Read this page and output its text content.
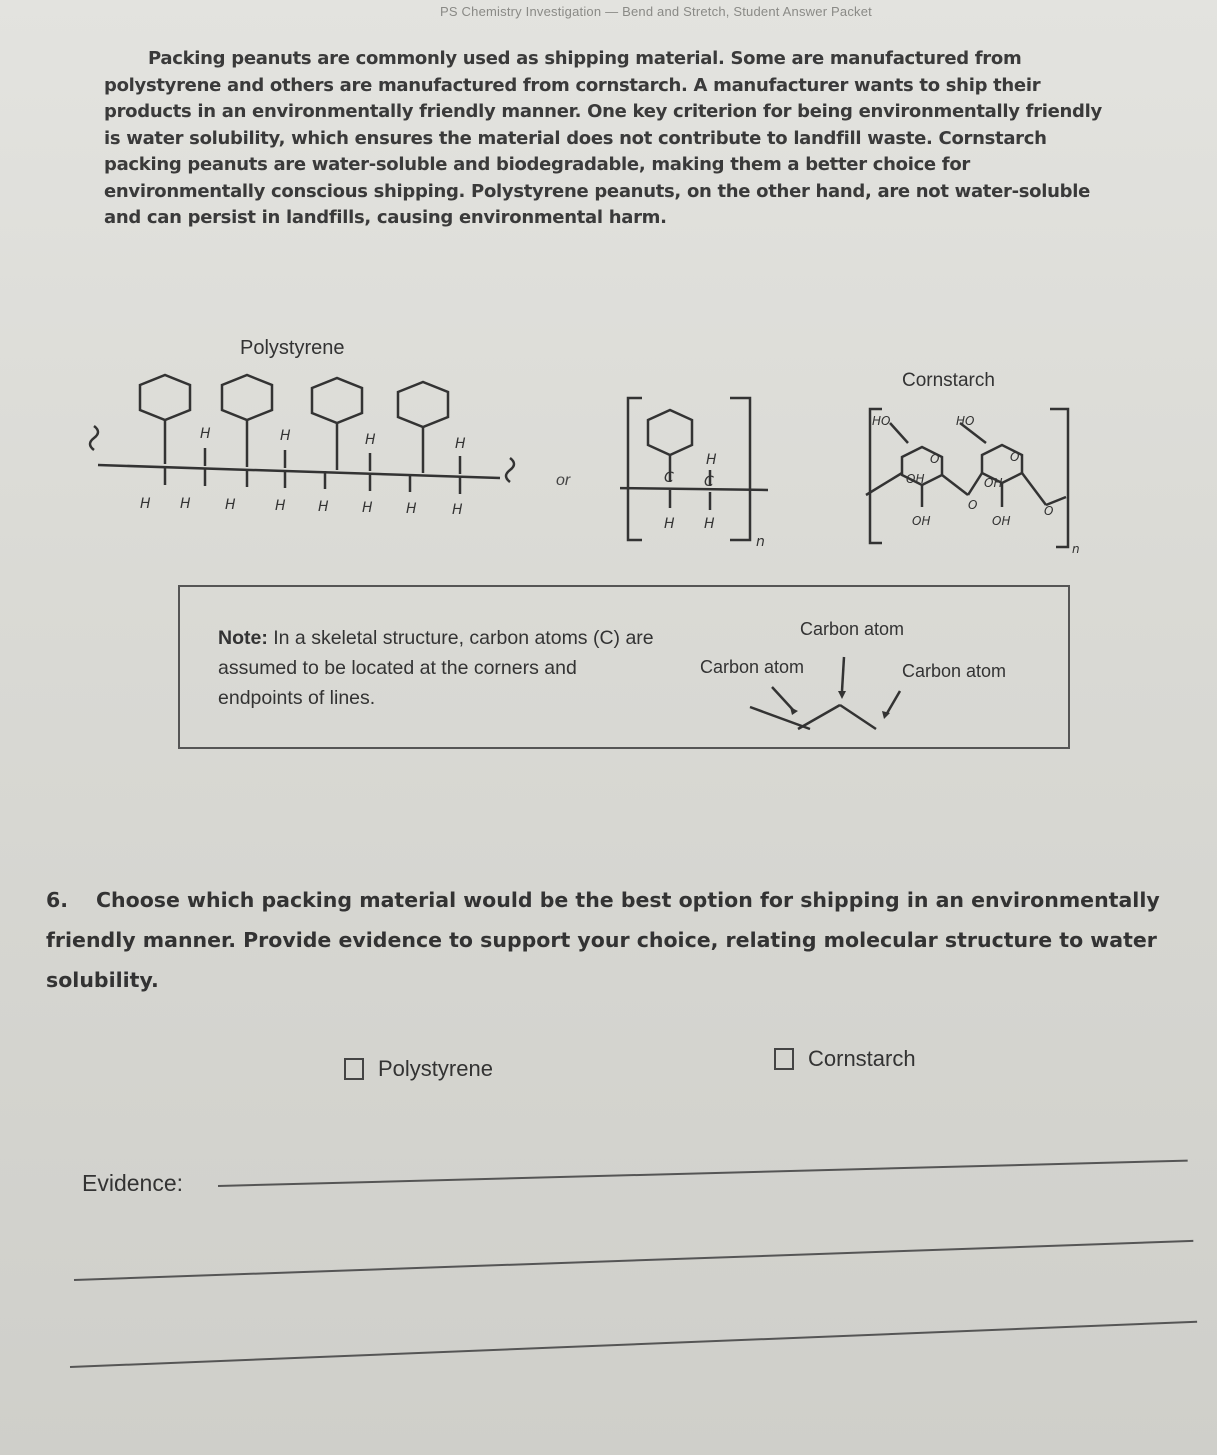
PS Chemistry Investigation — Bend and Stretch, Student Answer Packet
Packing peanuts are commonly used as shipping material. Some are manufactured from polystyrene and others are manufactured from cornstarch. A manufacturer wants to ship their products in an environmentally friendly manner. One key criterion for being environmentally friendly is water solubility, which ensures the material does not contribute to landfill waste. Cornstarch packing peanuts are water-soluble and biodegradable, making them a better choice for environmentally conscious shipping. Polystyrene peanuts, on the other hand, are not water-soluble and can persist in landfills, causing environmental harm.
Polystyrene
Cornstarch
H	H	H	H
H H H	H H H H	H
or
H
C C
H H
n
HO	HO
O	O
OH	OH
O	O
OH	OH
n
Note: In a skeletal structure, carbon atoms (C) are assumed to be located at the corners and endpoints of lines.
Carbon atom
Carbon atom	Carbon atom
6. Choose which packing material would be the best option for shipping in an environmentally friendly manner. Provide evidence to support your choice, relating molecular structure to water solubility.
Polystyrene	Cornstarch
Evidence:
